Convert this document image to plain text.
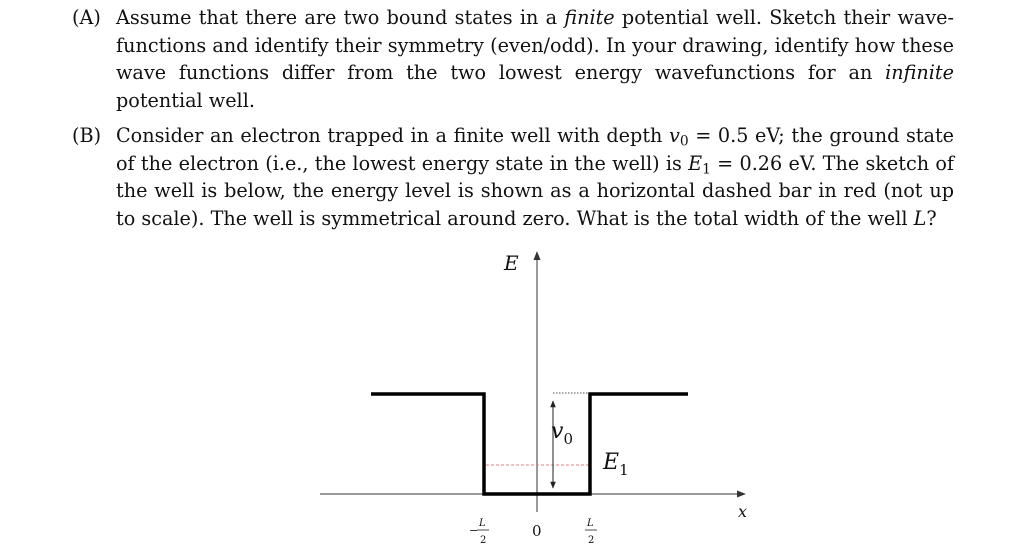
(A) Assume that there are two bound states in a finite potential well. Sketch their wave-functions and identify their symmetry (even/odd). In your drawing, identify how these wave functions differ from the two lowest energy wavefunctions for an infinite potential well.
(B) Consider an electron trapped in a finite well with depth $v_0 = 0.5$ eV; the ground state of the electron (i.e., the lowest energy state in the well) is $E_1 = 0.26$ eV. The sketch of the well is below, the energy level is shown as a horizontal dashed bar in red (not up to scale). The well is symmetrical around zero. What is the total width of the well L?
E
x
$v_0$
$E_1$
−
L
2
0	L
2
